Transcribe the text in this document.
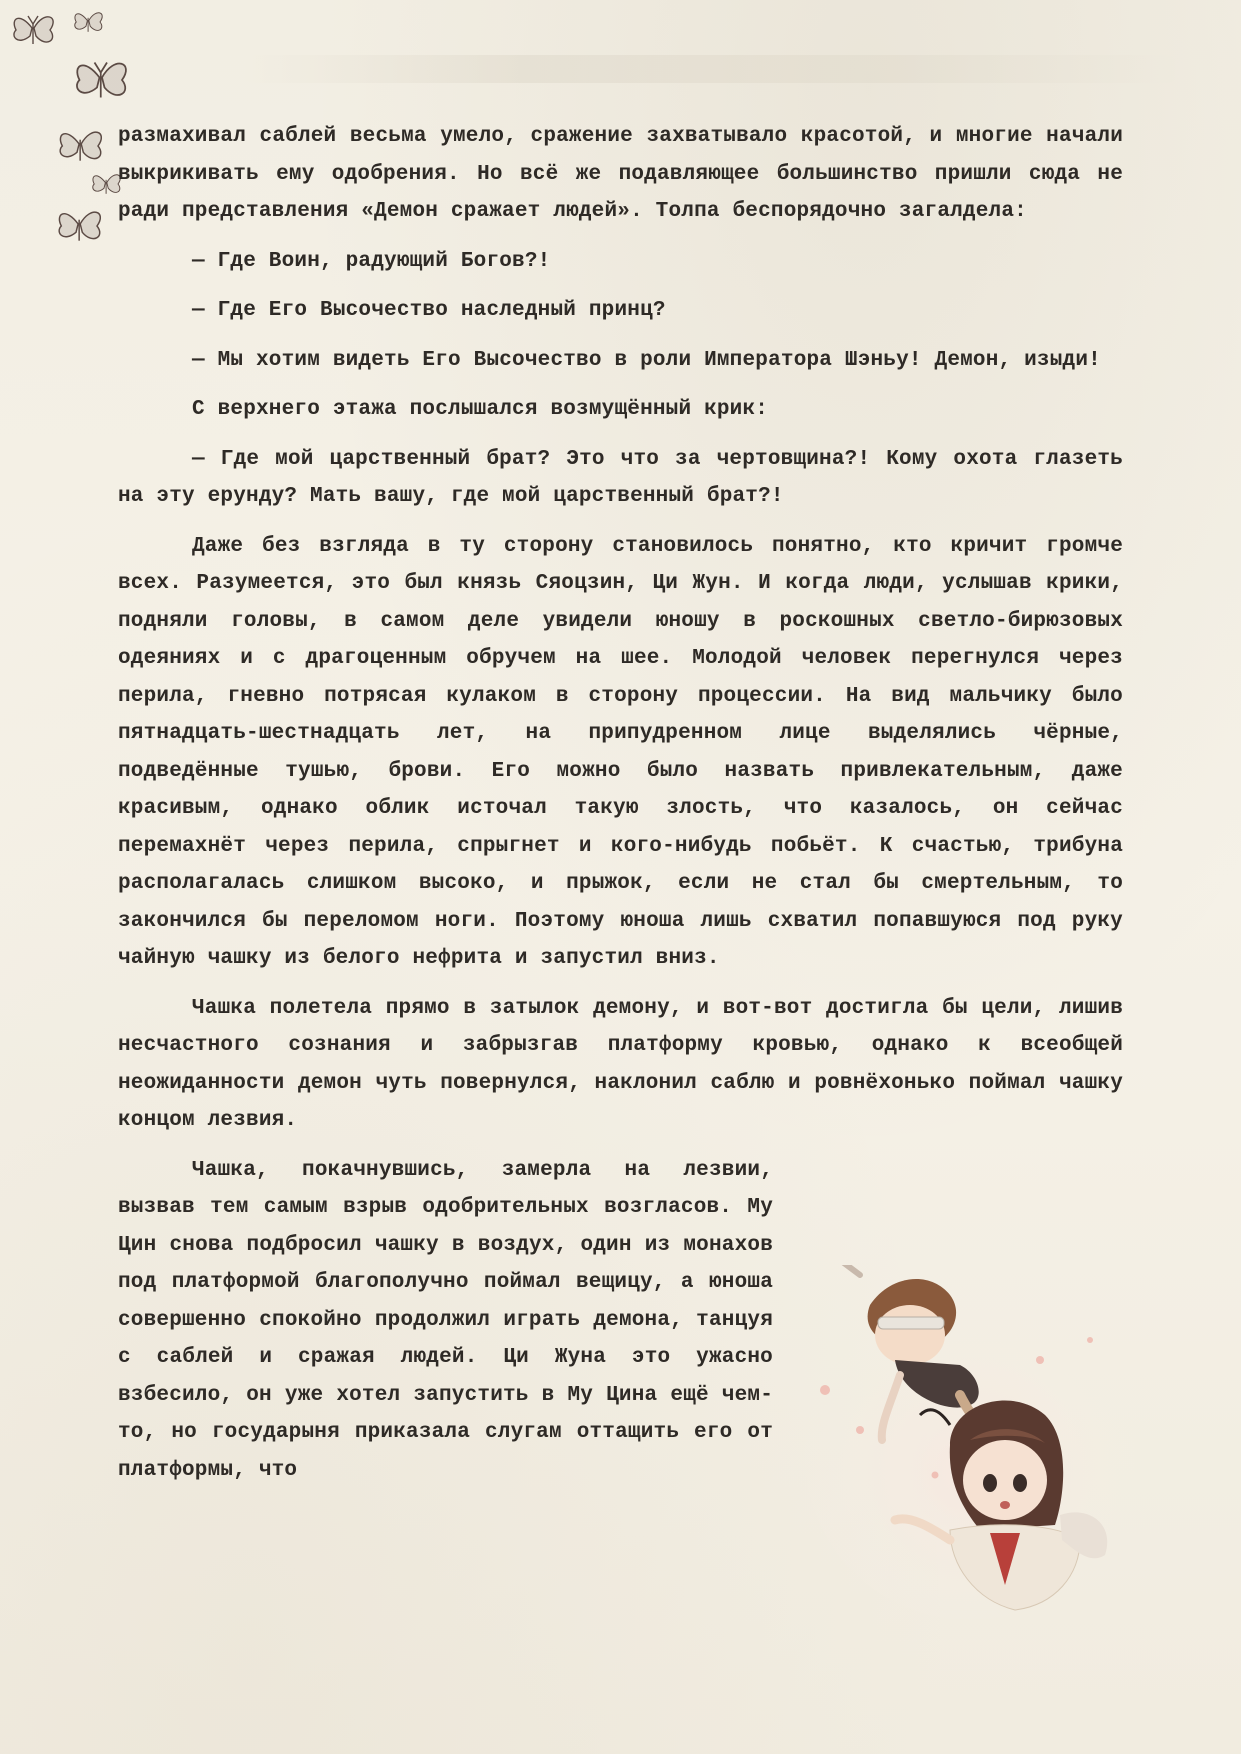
размахивал саблей весьма умело, сражение захватывало красотой, и многие начали выкрикивать ему одобрения. Но всё же подавляющее большинство пришли сюда не ради представления «Демон сражает людей». Толпа беспорядочно загалдела:

— Где Воин, радующий Богов?!

— Где Его Высочество наследный принц?

— Мы хотим видеть Его Высочество в роли Императора Шэньу! Демон, изыди!

С верхнего этажа послышался возмущённый крик:

— Где мой царственный брат? Это что за чертовщина?! Кому охота глазеть на эту ерунду? Мать вашу, где мой царственный брат?!

Даже без взгляда в ту сторону становилось понятно, кто кричит громче всех. Разумеется, это был князь Сяоцзин, Ци Жун. И когда люди, услышав крики, подняли головы, в самом деле увидели юношу в роскошных светло-бирюзовых одеяниях и с драгоценным обручем на шее. Молодой человек перегнулся через перила, гневно потрясая кулаком в сторону процессии. На вид мальчику было пятнадцать-шестнадцать лет, на припудренном лице выделялись чёрные, подведённые тушью, брови. Его можно было назвать привлекательным, даже красивым, однако облик источал такую злость, что казалось, он сейчас перемахнёт через перила, спрыгнет и кого-нибудь побьёт. К счастью, трибуна располагалась слишком высоко, и прыжок, если не стал бы смертельным, то закончился бы переломом ноги. Поэтому юноша лишь схватил попавшуюся под руку чайную чашку из белого нефрита и запустил вниз.

Чашка полетела прямо в затылок демону, и вот-вот достигла бы цели, лишив несчастного сознания и забрызгав платформу кровью, однако к всеобщей неожиданности демон чуть повернулся, наклонил саблю и ровнёхонько поймал чашку концом лезвия.

Чашка, покачнувшись, замерла на лезвии, вызвав тем самым взрыв одобрительных возгласов. Му Цин снова подбросил чашку в воздух, один из монахов под платформой благополучно поймал вещицу, а юноша совершенно спокойно продолжил играть демона, танцуя с саблей и сражая людей. Ци Жуна это ужасно взбесило, он уже хотел запустить в Му Цина ещё чем-то, но государыня приказала слугам оттащить его от платформы, что
